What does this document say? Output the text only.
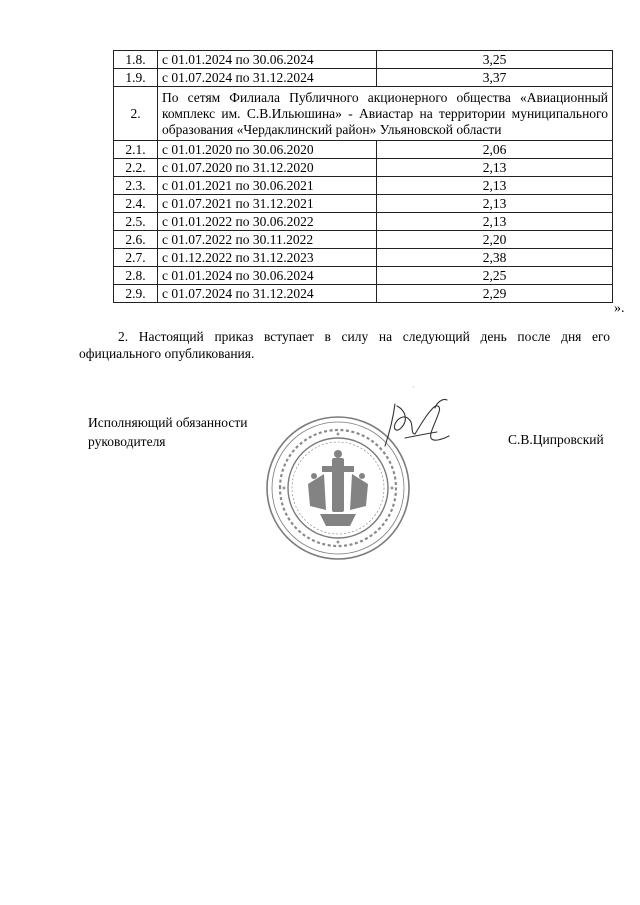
1.8.	с 01.01.2024 по 30.06.2024	3,25
1.9.	с 01.07.2024 по 31.12.2024	3,37
2.	По сетям Филиала Публичного акционерного общества «Авиационный комплекс им. С.В.Ильюшина» - Авиастар на территории муниципального образования «Чердаклинский район» Ульяновской области	
2.1.	с 01.01.2020 по 30.06.2020	2,06
2.2.	с 01.07.2020 по 31.12.2020	2,13
2.3.	с 01.01.2021 по 30.06.2021	2,13
2.4.	с 01.07.2021 по 31.12.2021	2,13
2.5.	с 01.01.2022 по 30.06.2022	2,13
2.6.	с 01.07.2022 по 30.11.2022	2,20
2.7.	с 01.12.2022 по 31.12.2023	2,38
2.8.	с 01.01.2024 по 30.06.2024	2,25
2.9.	с 01.07.2024 по 31.12.2024	2,29
».
2. Настоящий приказ вступает в силу на следующий день после дня его официального опубликования.
Исполняющий обязанности
руководителя	С.В.Ципровский
·
